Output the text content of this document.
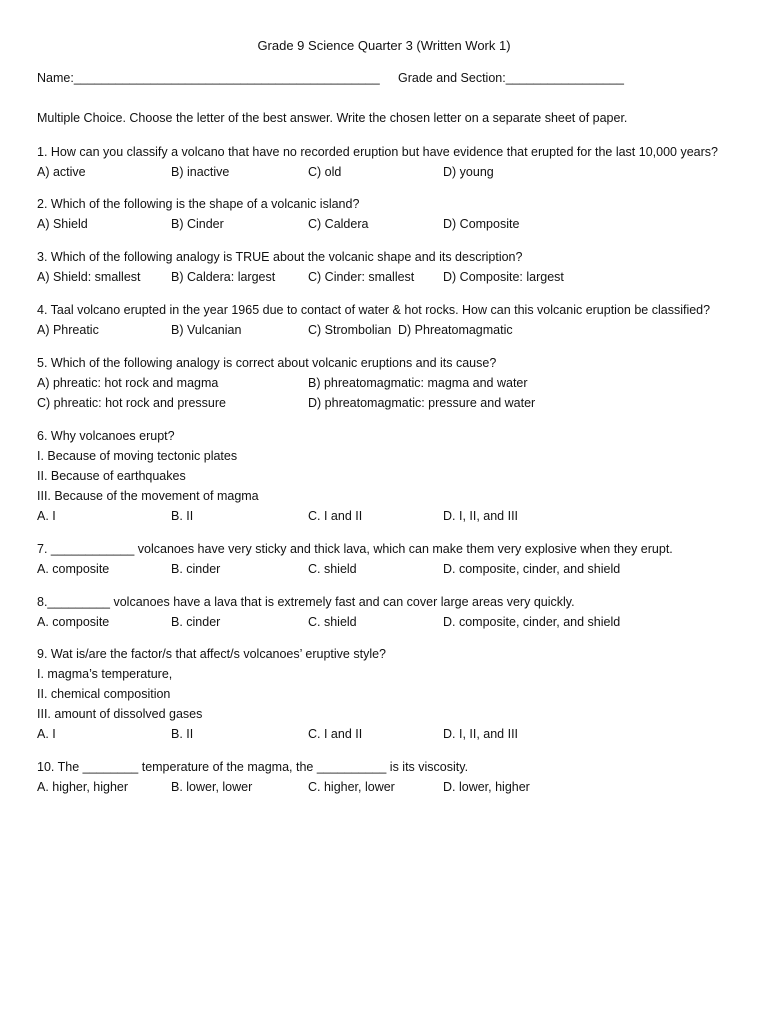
Grade 9 Science Quarter 3 (Written Work 1)
Name:____________________________________________ Grade and Section:_________________
Multiple Choice. Choose the letter of the best answer. Write the chosen letter on a separate sheet of paper.
1. How can you classify a volcano that have no recorded eruption but have evidence that erupted for the last 10,000 years?
A) active	B) inactive	C) old	D) young
2. Which of the following is the shape of a volcanic island?
A) Shield	B) Cinder	C) Caldera	D) Composite
3. Which of the following analogy is TRUE about the volcanic shape and its description?
A) Shield: smallest B) Caldera: largest	C) Cinder: smallest D) Composite: largest
4. Taal volcano erupted in the year 1965 due to contact of water & hot rocks. How can this volcanic eruption be classified?
A) Phreatic	B) Vulcanian	C) Strombolian D) Phreatomagmatic
5. Which of the following analogy is correct about volcanic eruptions and its cause?
A) phreatic: hot rock and magma	B) phreatomagmatic: magma and water
C) phreatic: hot rock and pressure	D) phreatomagmatic: pressure and water
6. Why volcanoes erupt?
I. Because of moving tectonic plates
II. Because of earthquakes
III. Because of the movement of magma
A. I	B. II	C. I and II	D. I, II, and III
7. ____________ volcanoes have very sticky and thick lava, which can make them very explosive when they erupt.
A. composite	B. cinder	C. shield	D. composite, cinder, and shield
8._________ volcanoes have a lava that is extremely fast and can cover large areas very quickly.
A. composite	B. cinder	C. shield	D. composite, cinder, and shield
9. Wat is/are the factor/s that affect/s volcanoes’ eruptive style?
I. magma’s temperature,
II. chemical composition
III. amount of dissolved gases
A. I	B. II	C. I and II	D. I, II, and III
10. The ________ temperature of the magma, the __________ is its viscosity.
A. higher, higher	B. lower, lower	C. higher, lower	D. lower, higher
